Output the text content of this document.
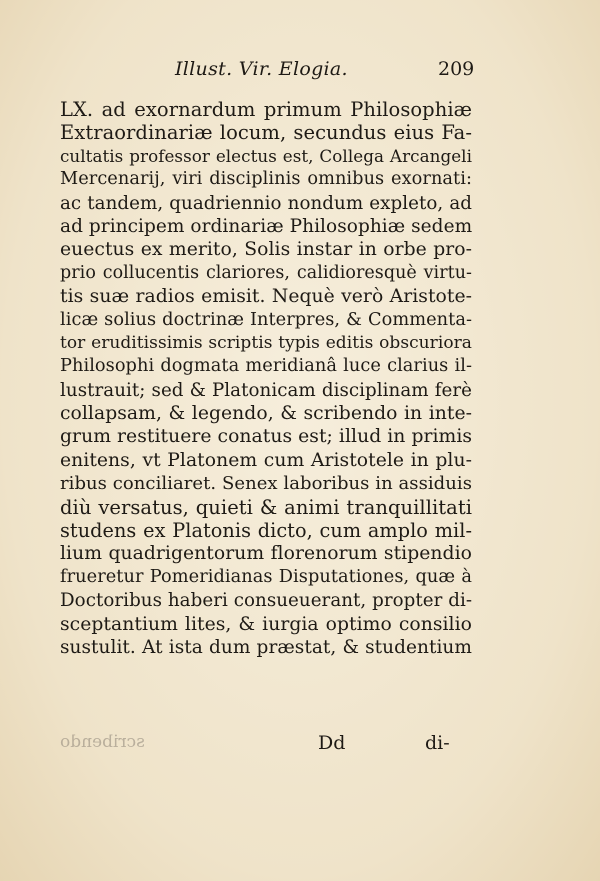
Illust. Vir. Elogia.	209
LX. ad exornardum primum Philosophiæ
Extraordinariæ locum, secundus eius Fa-
cultatis professor electus est, Collega Arcangeli
Mercenarij, viri disciplinis omnibus exornati:
ac tandem, quadriennio nondum expleto, ad
ad principem ordinariæ Philosophiæ sedem
euectus ex merito, Solis instar in orbe pro-
prio collucentis clariores, calidioresquè virtu-
tis suæ radios emisit. Nequè verò Aristote-
licæ solius doctrinæ Interpres, & Commenta-
tor eruditissimis scriptis typis editis obscuriora
Philosophi dogmata meridianâ luce clarius il-
lustrauit; sed & Platonicam disciplinam ferè
collapsam, & legendo, & scribendo in inte-
grum restituere conatus est; illud in primis
enitens, vt Platonem cum Aristotele in plu-
ribus conciliaret. Senex laboribus in assiduis
diù versatus, quieti & animi tranquillitati
studens ex Platonis dicto, cum amplo mil-
lium quadrigentorum florenorum stipendio
frueretur Pomeridianas Disputationes, quæ à
Doctoribus haberi consueuerant, propter di-
sceptantium lites, & iurgia optimo consilio
sustulit. At ista dum præstat, & studentium
scribendo	Dd	di-
